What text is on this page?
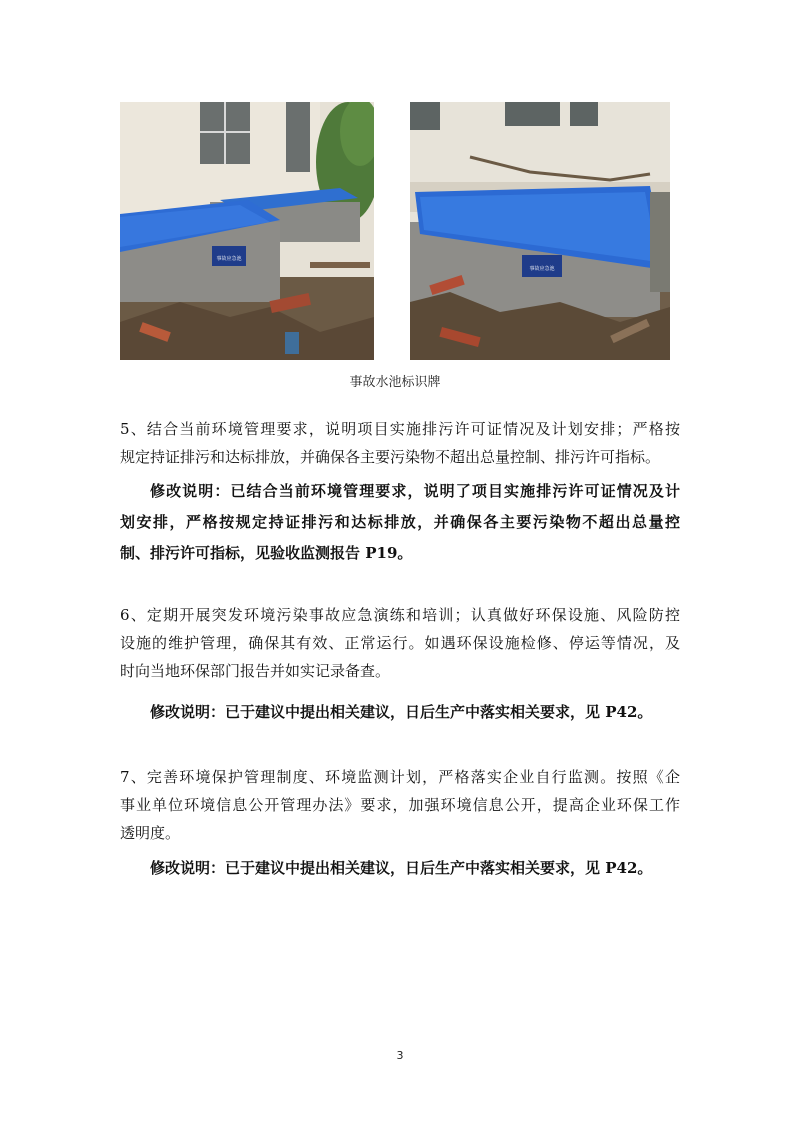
事故应急池
事故应急池
事故水池标识牌
5、结合当前环境管理要求，说明项目实施排污许可证情况及计划安排；严格按
规定持证排污和达标排放，并确保各主要污染物不超出总量控制、排污许可指标。
修改说明：已结合当前环境管理要求，说明了项目实施排污许可证情况及计
划安排，严格按规定持证排污和达标排放，并确保各主要污染物不超出总量控
制、排污许可指标，见验收监测报告 P19。
6、定期开展突发环境污染事故应急演练和培训；认真做好环保设施、风险防控
设施的维护管理，确保其有效、正常运行。如遇环保设施检修、停运等情况，及
时向当地环保部门报告并如实记录备查。
修改说明：已于建议中提出相关建议，日后生产中落实相关要求，见 P42。
7、完善环境保护管理制度、环境监测计划，严格落实企业自行监测。按照《企
事业单位环境信息公开管理办法》要求，加强环境信息公开，提高企业环保工作
透明度。
修改说明：已于建议中提出相关建议，日后生产中落实相关要求，见 P42。
3
